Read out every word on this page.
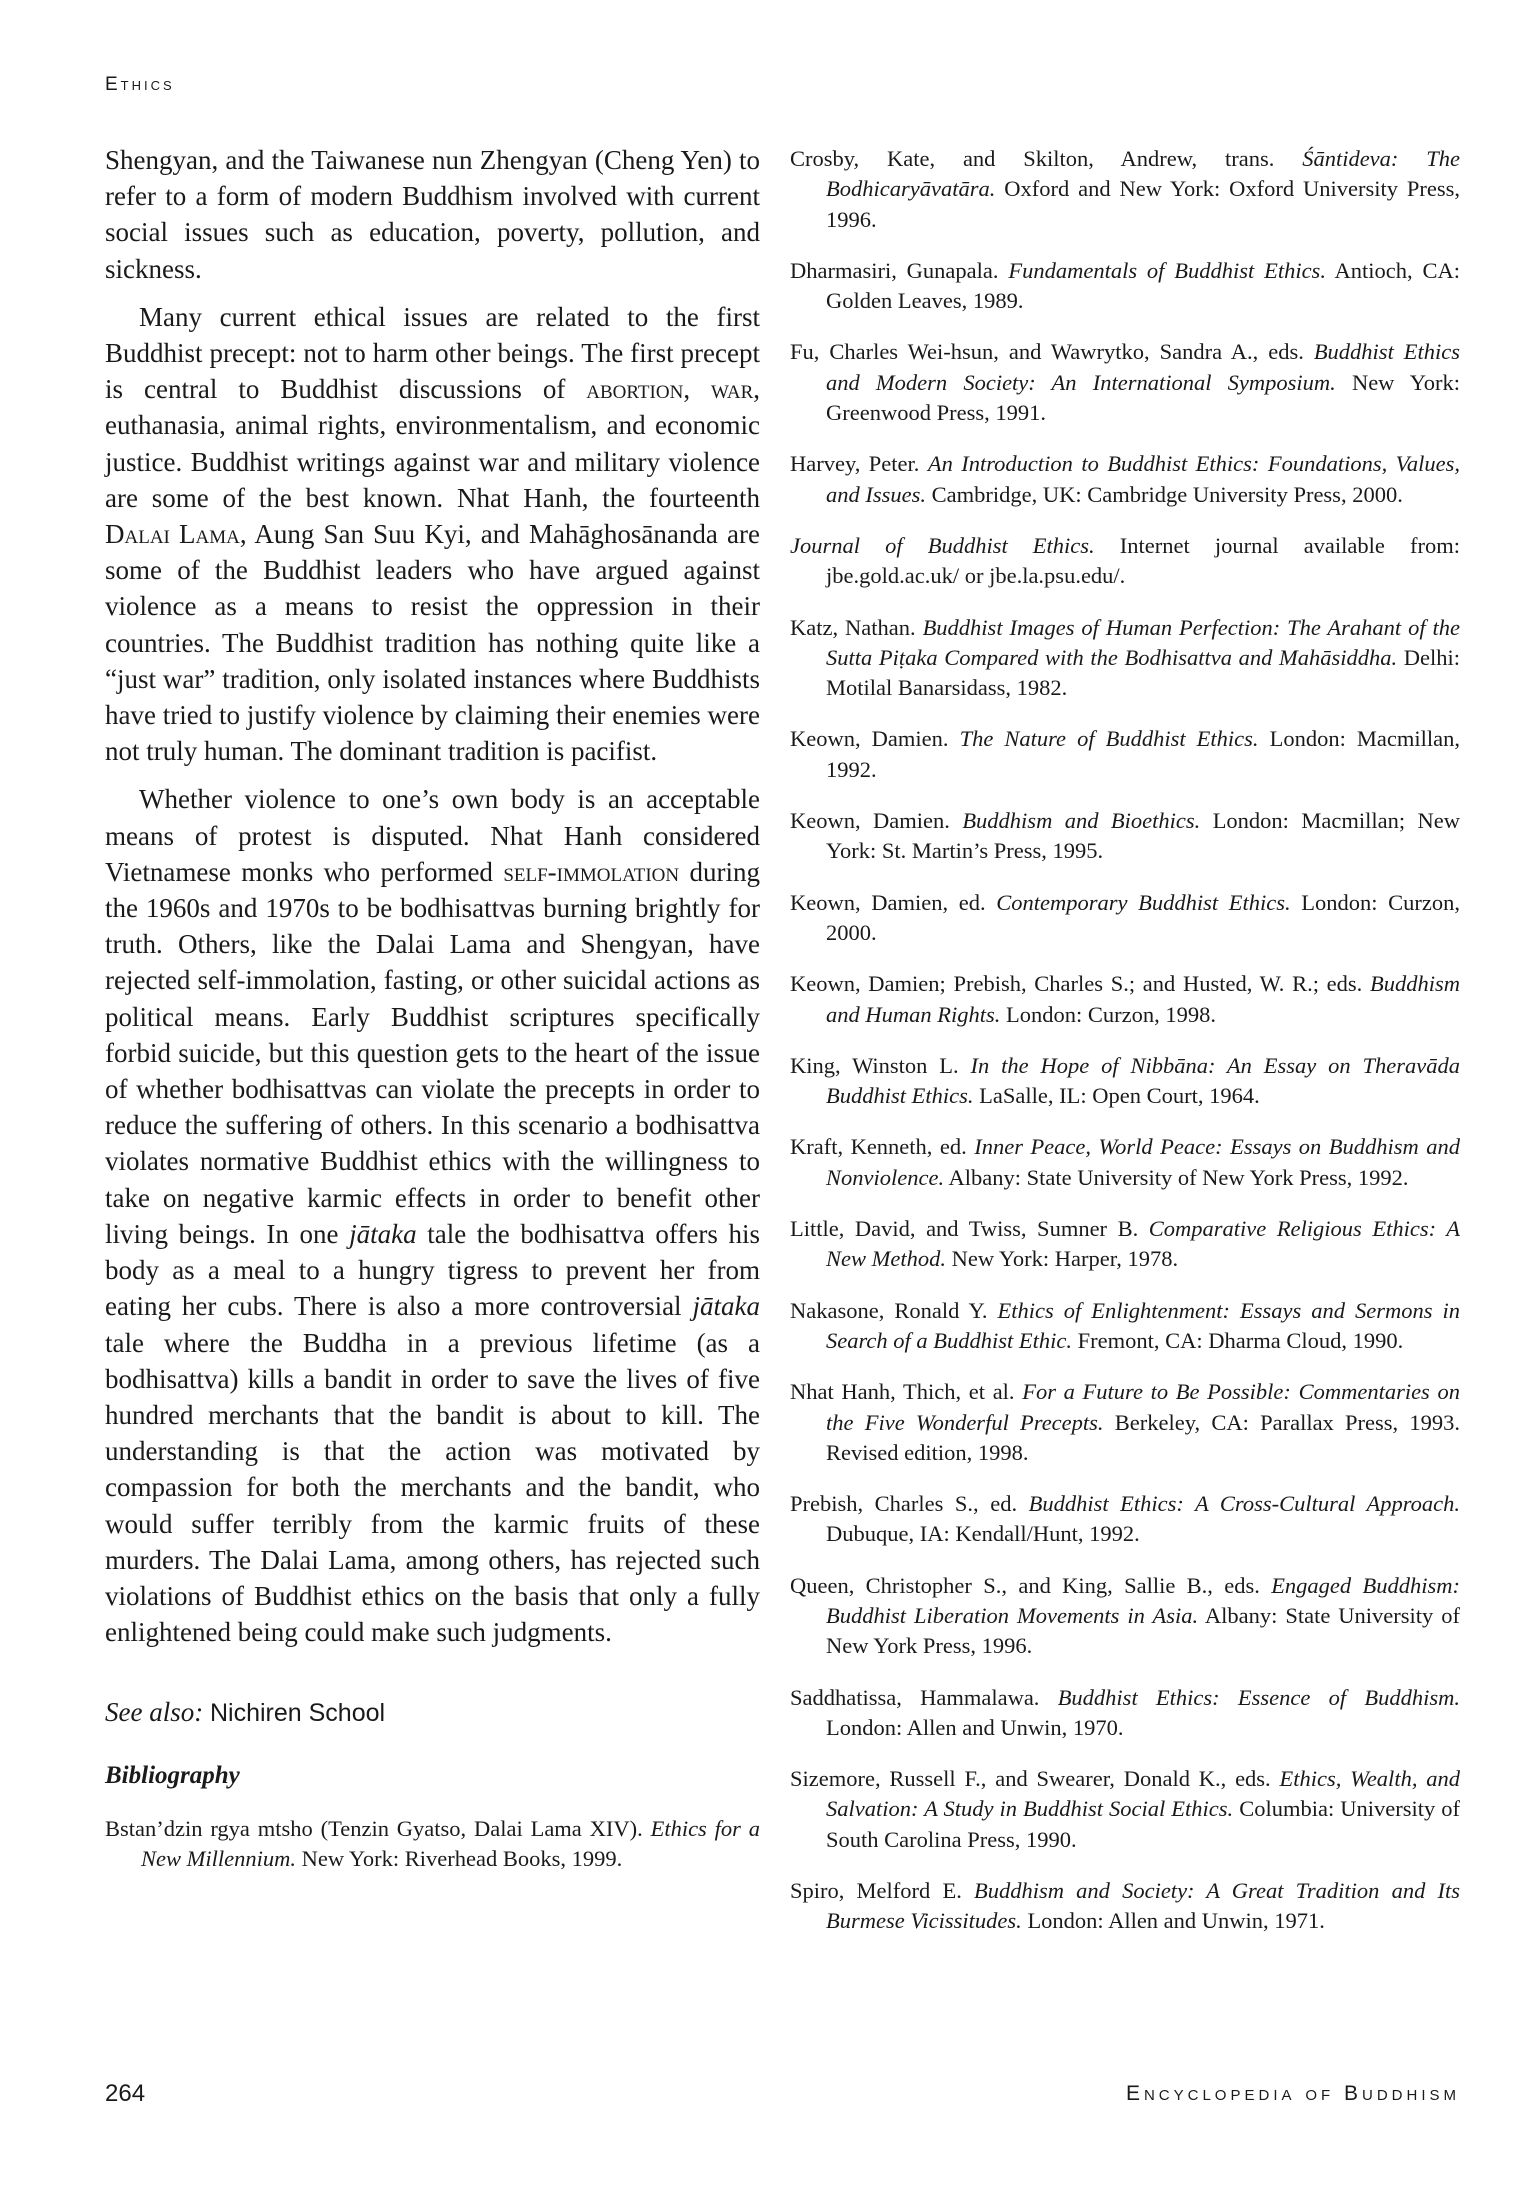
Ethics

Shengyan, and the Taiwanese nun Zhengyan (Cheng Yen) to refer to a form of modern Buddhism involved with current social issues such as education, poverty, pollution, and sickness.

Many current ethical issues are related to the first Buddhist precept: not to harm other beings. The first precept is central to Buddhist discussions of abortion, war, euthanasia, animal rights, environmentalism, and economic justice. Buddhist writings against war and military violence are some of the best known. Nhat Hanh, the fourteenth Dalai Lama, Aung San Suu Kyi, and Mahāghosānanda are some of the Buddhist leaders who have argued against violence as a means to resist the oppression in their countries. The Buddhist tradition has nothing quite like a “just war” tradition, only isolated instances where Buddhists have tried to justify violence by claiming their enemies were not truly human. The dominant tradition is pacifist.

Whether violence to one’s own body is an acceptable means of protest is disputed. Nhat Hanh considered Vietnamese monks who performed self-immolation during the 1960s and 1970s to be bodhisattvas burning brightly for truth. Others, like the Dalai Lama and Shengyan, have rejected self-immolation, fasting, or other suicidal actions as political means. Early Buddhist scriptures specifically forbid suicide, but this question gets to the heart of the issue of whether bodhisattvas can violate the precepts in order to reduce the suffering of others. In this scenario a bodhisattva violates normative Buddhist ethics with the willingness to take on negative karmic effects in order to benefit other living beings. In one jātaka tale the bodhisattva offers his body as a meal to a hungry tigress to prevent her from eating her cubs. There is also a more controversial jātaka tale where the Buddha in a previous lifetime (as a bodhisattva) kills a bandit in order to save the lives of five hundred merchants that the bandit is about to kill. The understanding is that the action was motivated by compassion for both the merchants and the bandit, who would suffer terribly from the karmic fruits of these murders. The Dalai Lama, among others, has rejected such violations of Buddhist ethics on the basis that only a fully enlightened being could make such judgments.

See also: Nichiren School
Bibliography

Bstan’dzin rgya mtsho (Tenzin Gyatso, Dalai Lama XIV). Ethics for a New Millennium. New York: Riverhead Books, 1999.

Crosby, Kate, and Skilton, Andrew, trans. Śāntideva: The Bodhicaryāvatāra. Oxford and New York: Oxford University Press, 1996.

Dharmasiri, Gunapala. Fundamentals of Buddhist Ethics. Antioch, CA: Golden Leaves, 1989.

Fu, Charles Wei-hsun, and Wawrytko, Sandra A., eds. Buddhist Ethics and Modern Society: An International Symposium. New York: Greenwood Press, 1991.

Harvey, Peter. An Introduction to Buddhist Ethics: Foundations, Values, and Issues. Cambridge, UK: Cambridge University Press, 2000.

Journal of Buddhist Ethics. Internet journal available from: jbe.gold.ac.uk/ or jbe.la.psu.edu/.

Katz, Nathan. Buddhist Images of Human Perfection: The Arahant of the Sutta Piṭaka Compared with the Bodhisattva and Mahāsiddha. Delhi: Motilal Banarsidass, 1982.

Keown, Damien. The Nature of Buddhist Ethics. London: Macmillan, 1992.

Keown, Damien. Buddhism and Bioethics. London: Macmillan; New York: St. Martin’s Press, 1995.

Keown, Damien, ed. Contemporary Buddhist Ethics. London: Curzon, 2000.

Keown, Damien; Prebish, Charles S.; and Husted, W. R.; eds. Buddhism and Human Rights. London: Curzon, 1998.

King, Winston L. In the Hope of Nibbāna: An Essay on Theravāda Buddhist Ethics. LaSalle, IL: Open Court, 1964.

Kraft, Kenneth, ed. Inner Peace, World Peace: Essays on Buddhism and Nonviolence. Albany: State University of New York Press, 1992.

Little, David, and Twiss, Sumner B. Comparative Religious Ethics: A New Method. New York: Harper, 1978.

Nakasone, Ronald Y. Ethics of Enlightenment: Essays and Sermons in Search of a Buddhist Ethic. Fremont, CA: Dharma Cloud, 1990.

Nhat Hanh, Thich, et al. For a Future to Be Possible: Commentaries on the Five Wonderful Precepts. Berkeley, CA: Parallax Press, 1993. Revised edition, 1998.

Prebish, Charles S., ed. Buddhist Ethics: A Cross-Cultural Approach. Dubuque, IA: Kendall/Hunt, 1992.

Queen, Christopher S., and King, Sallie B., eds. Engaged Buddhism: Buddhist Liberation Movements in Asia. Albany: State University of New York Press, 1996.

Saddhatissa, Hammalawa. Buddhist Ethics: Essence of Buddhism. London: Allen and Unwin, 1970.

Sizemore, Russell F., and Swearer, Donald K., eds. Ethics, Wealth, and Salvation: A Study in Buddhist Social Ethics. Columbia: University of South Carolina Press, 1990.

Spiro, Melford E. Buddhism and Society: A Great Tradition and Its Burmese Vicissitudes. London: Allen and Unwin, 1971.

264	Encyclopedia of Buddhism
